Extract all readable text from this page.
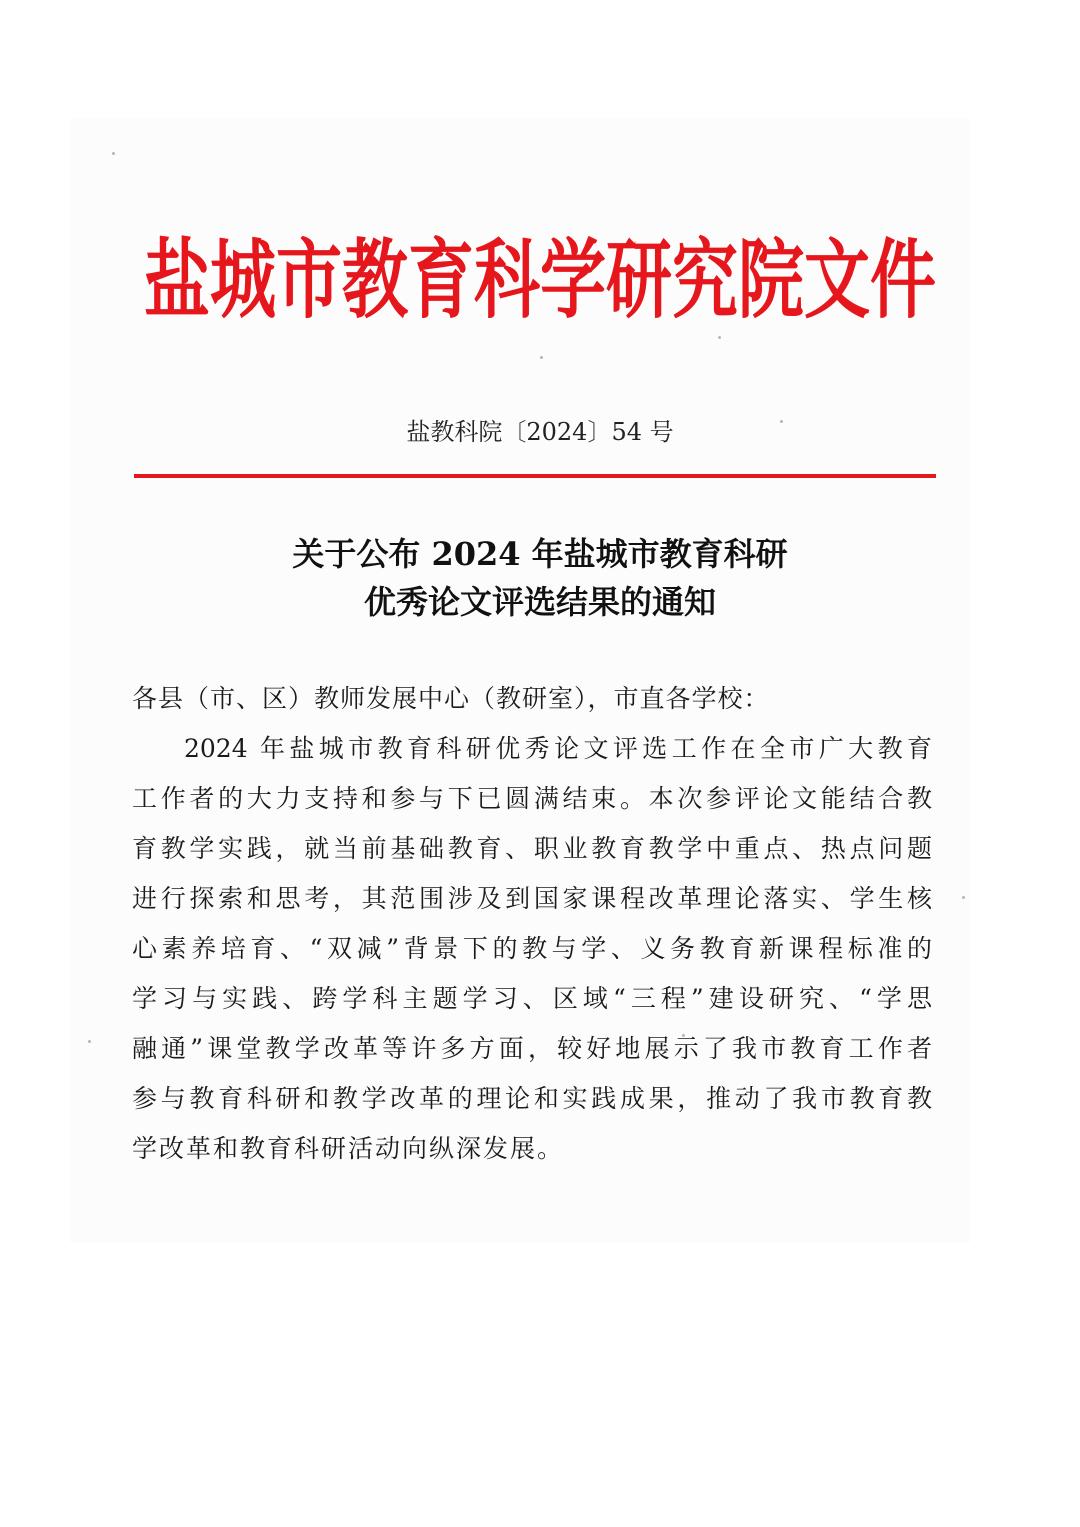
盐城市教育科学研究院文件
盐教科院〔2024〕54 号
关于公布 2024 年盐城市教育科研
优秀论文评选结果的通知
各县（市、区）教师发展中心（教研室），市直各学校：
2024 年盐城市教育科研优秀论文评选工作在全市广大教育
工作者的大力支持和参与下已圆满结束。本次参评论文能结合教
育教学实践，就当前基础教育、职业教育教学中重点、热点问题
进行探索和思考，其范围涉及到国家课程改革理论落实、学生核
心素养培育、“双减”背景下的教与学、义务教育新课程标准的
学习与实践、跨学科主题学习、区域“三程”建设研究、“学思
融通”课堂教学改革等许多方面，较好地展示了我市教育工作者
参与教育科研和教学改革的理论和实践成果，推动了我市教育教
学改革和教育科研活动向纵深发展。
